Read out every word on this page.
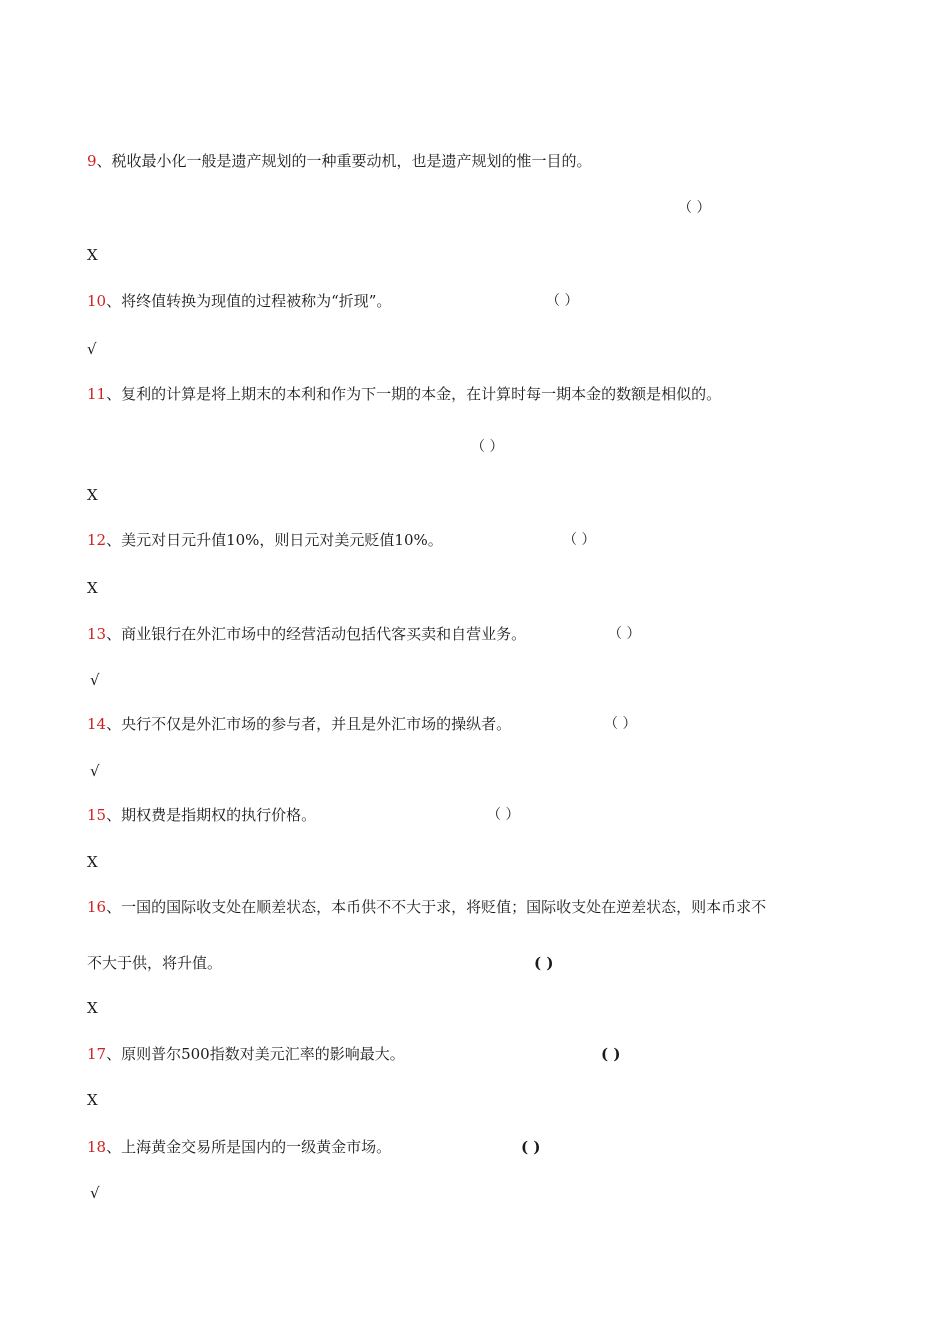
9、税收最小化一般是遗产规划的一种重要动机，也是遗产规划的惟一目的。
（ ）
X
10、将终值转换为现值的过程被称为“折现”。	（ ）
√
11、复利的计算是将上期末的本利和作为下一期的本金，在计算时每一期本金的数额是相似的。
（ ）
X
12、美元对日元升值10%，则日元对美元贬值10%。	（ ）
X
13、商业银行在外汇市场中的经营活动包括代客买卖和自营业务。	（ ）
√
14、央行不仅是外汇市场的参与者，并且是外汇市场的操纵者。	（ ）
√
15、期权费是指期权的执行价格。	（ ）
X
16、一国的国际收支处在顺差状态，本币供不不大于求，将贬值；国际收支处在逆差状态，则本币求不
不大于供，将升值。	( )
X
17、原则普尔500指数对美元汇率的影响最大。	( )
X
18、上海黄金交易所是国内的一级黄金市场。	( )
√
